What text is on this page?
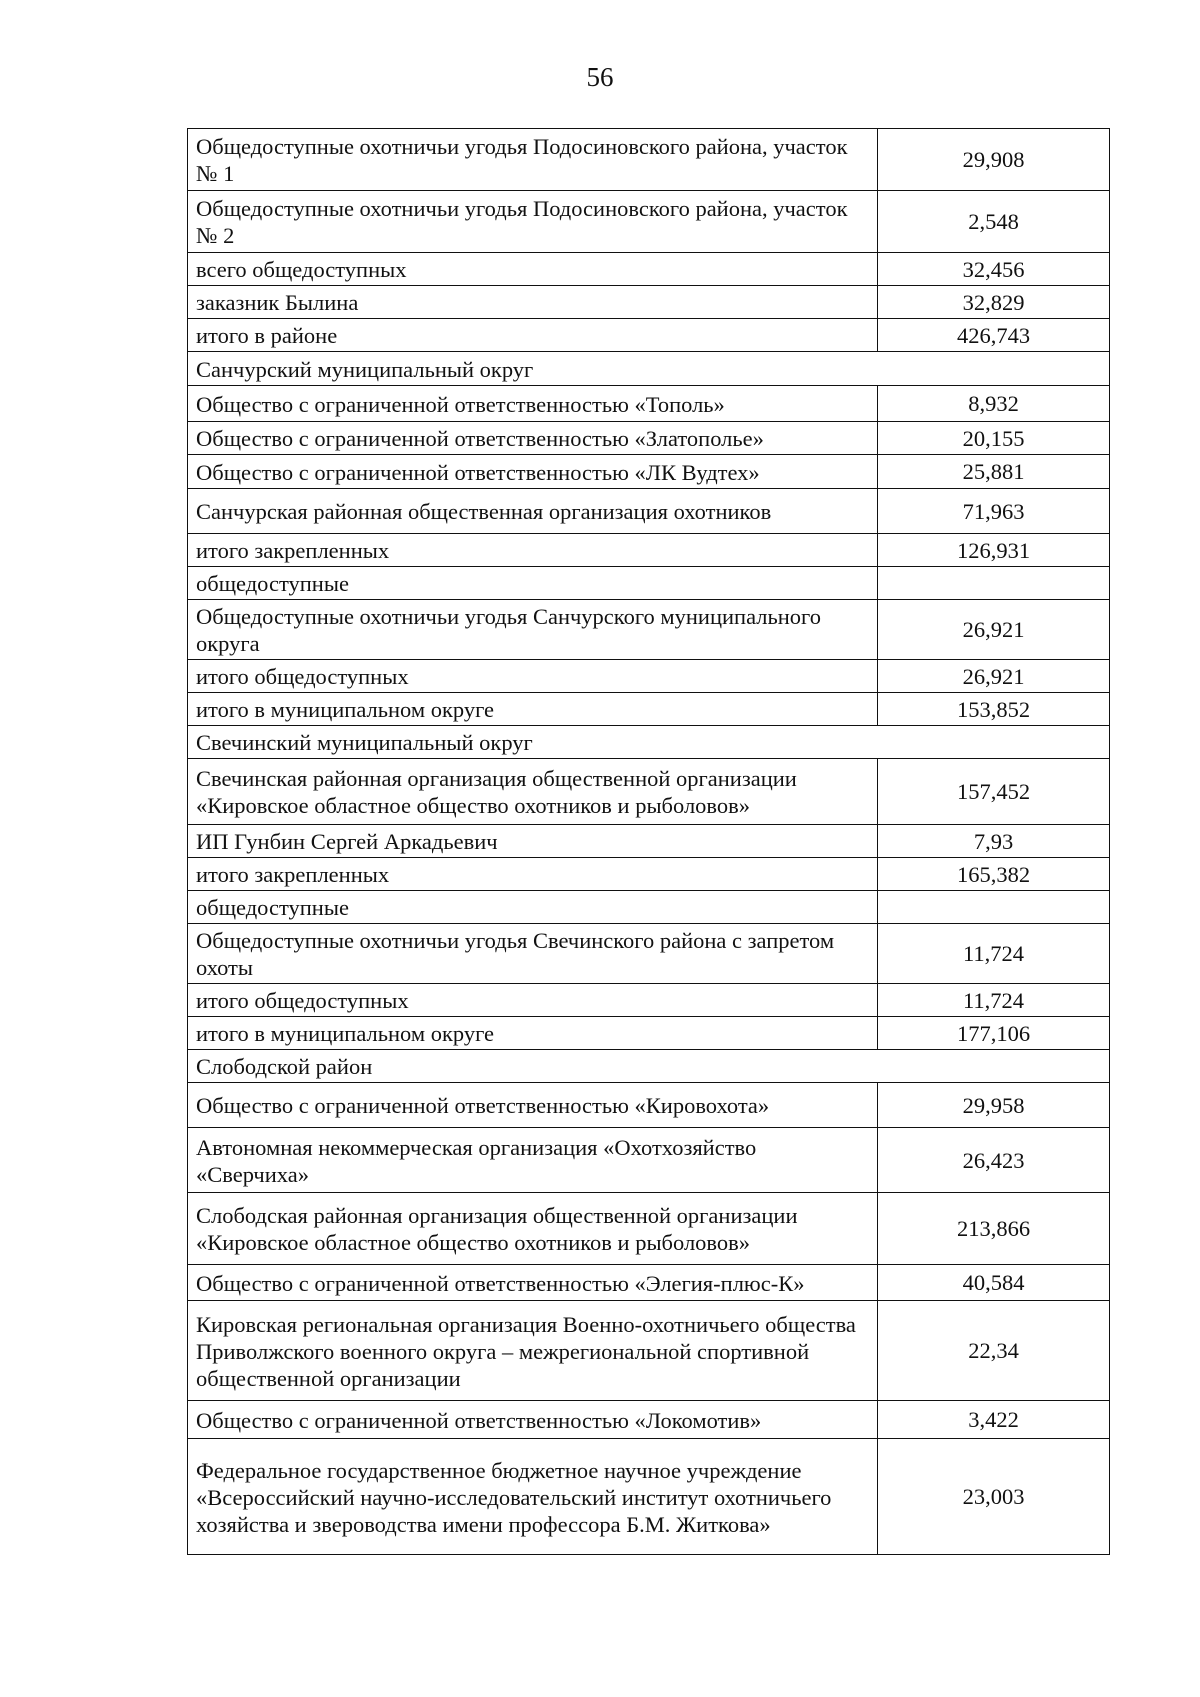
56
Общедоступные охотничьи угодья Подосиновского района, участок № 1	29,908
Общедоступные охотничьи угодья Подосиновского района, участок № 2	2,548
всего общедоступных	32,456
заказник Былина	32,829
итого в районе	426,743
Санчурский муниципальный округ	
Общество с ограниченной ответственностью «Тополь»	8,932
Общество с ограниченной ответственностью «Златополье»	20,155
Общество с ограниченной ответственностью «ЛК Вудтех»	25,881
Санчурская районная общественная организация охотников	71,963
итого закрепленных	126,931
общедоступные	
Общедоступные охотничьи угодья Санчурского муниципального округа	26,921
итого общедоступных	26,921
итого в муниципальном округе	153,852
Свечинский муниципальный округ	
Свечинская районная организация общественной организации «Кировское областное общество охотников и рыболовов»	157,452
ИП Гунбин Сергей Аркадьевич	7,93
итого закрепленных	165,382
общедоступные	
Общедоступные охотничьи угодья Свечинского района с запретом охоты	11,724
итого общедоступных	11,724
итого в муниципальном округе	177,106
Слободской район	
Общество с ограниченной ответственностью «Кировохота»	29,958
Автономная некоммерческая организация «Охотхозяйство «Сверчиха»	26,423
Слободская районная организация общественной организации «Кировское областное общество охотников и рыболовов»	213,866
Общество с ограниченной ответственностью «Элегия-плюс-К»	40,584
Кировская региональная организация Военно-охотничьего общества Приволжского военного округа – межрегиональной спортивной общественной организации	22,34
Общество с ограниченной ответственностью «Локомотив»	3,422
Федеральное государственное бюджетное научное учреждение «Всероссийский научно-исследовательский институт охотничьего хозяйства и звероводства имени профессора Б.М. Житкова»	23,003
